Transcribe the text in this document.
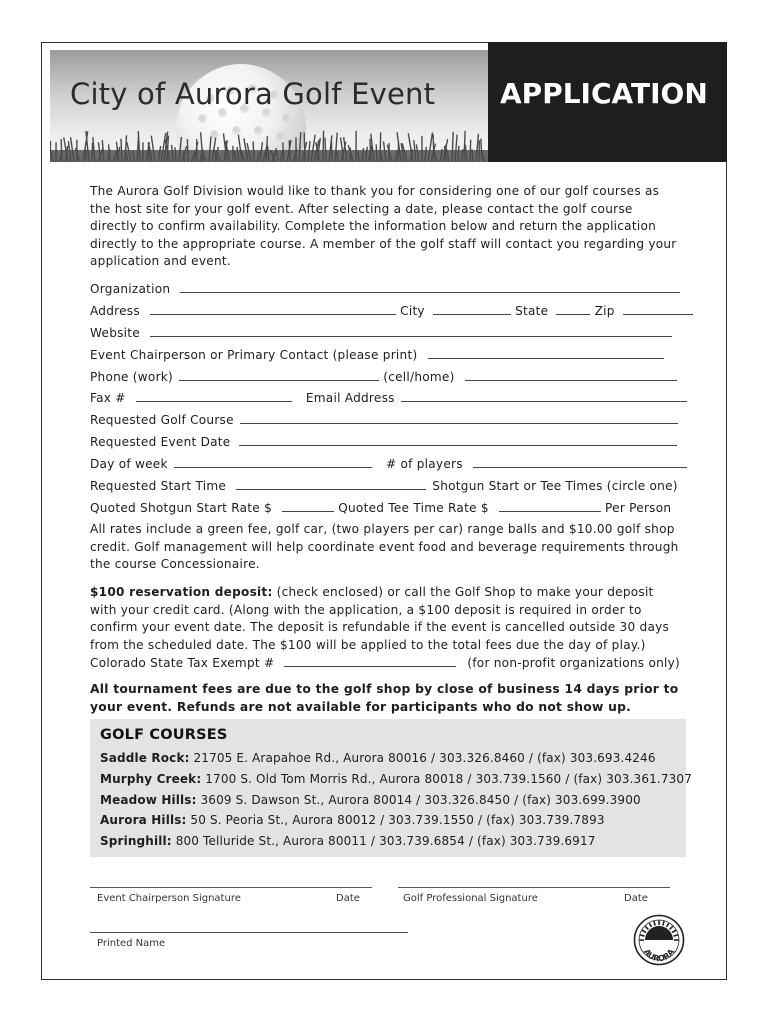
City of Aurora Golf Event APPLICATION
The Aurora Golf Division would like to thank you for considering one of our golf courses as the host site for your golf event. After selecting a date, please contact the golf course directly to confirm availability. Complete the information below and return the application directly to the appropriate course. A member of the golf staff will contact you regarding your application and event.
Organization
Address	City	State	Zip
Website
Event Chairperson or Primary Contact (please print)
Phone (work)	(cell/home)
Fax #	Email Address
Requested Golf Course
Requested Event Date
Day of week	# of players
Requested Start Time	Shotgun Start or Tee Times (circle one)
Quoted Shotgun Start Rate $	Quoted Tee Time Rate $	Per Person
All rates include a green fee, golf car, (two players per car) range balls and $10.00 golf shop credit. Golf management will help coordinate event food and beverage requirements through the course Concessionaire.
$100 reservation deposit: (check enclosed) or call the Golf Shop to make your deposit with your credit card. (Along with the application, a $100 deposit is required in order to confirm your event date. The deposit is refundable if the event is cancelled outside 30 days from the scheduled date. The $100 will be applied to the total fees due the day of play.)
Colorado State Tax Exempt #	(for non-profit organizations only)
All tournament fees are due to the golf shop by close of business 14 days prior to your event. Refunds are not available for participants who do not show up.
GOLF COURSES
Saddle Rock: 21705 E. Arapahoe Rd., Aurora 80016 / 303.326.8460 / (fax) 303.693.4246
Murphy Creek: 1700 S. Old Tom Morris Rd., Aurora 80018 / 303.739.1560 / (fax) 303.361.7307
Meadow Hills: 3609 S. Dawson St., Aurora 80014 / 303.326.8450 / (fax) 303.699.3900
Aurora Hills: 50 S. Peoria St., Aurora 80012 / 303.739.1550 / (fax) 303.739.7893
Springhill: 800 Telluride St., Aurora 80011 / 303.739.6854 / (fax) 303.739.6917
Event Chairperson Signature	Date	Golf Professional Signature	Date
Printed Name
AURORA
